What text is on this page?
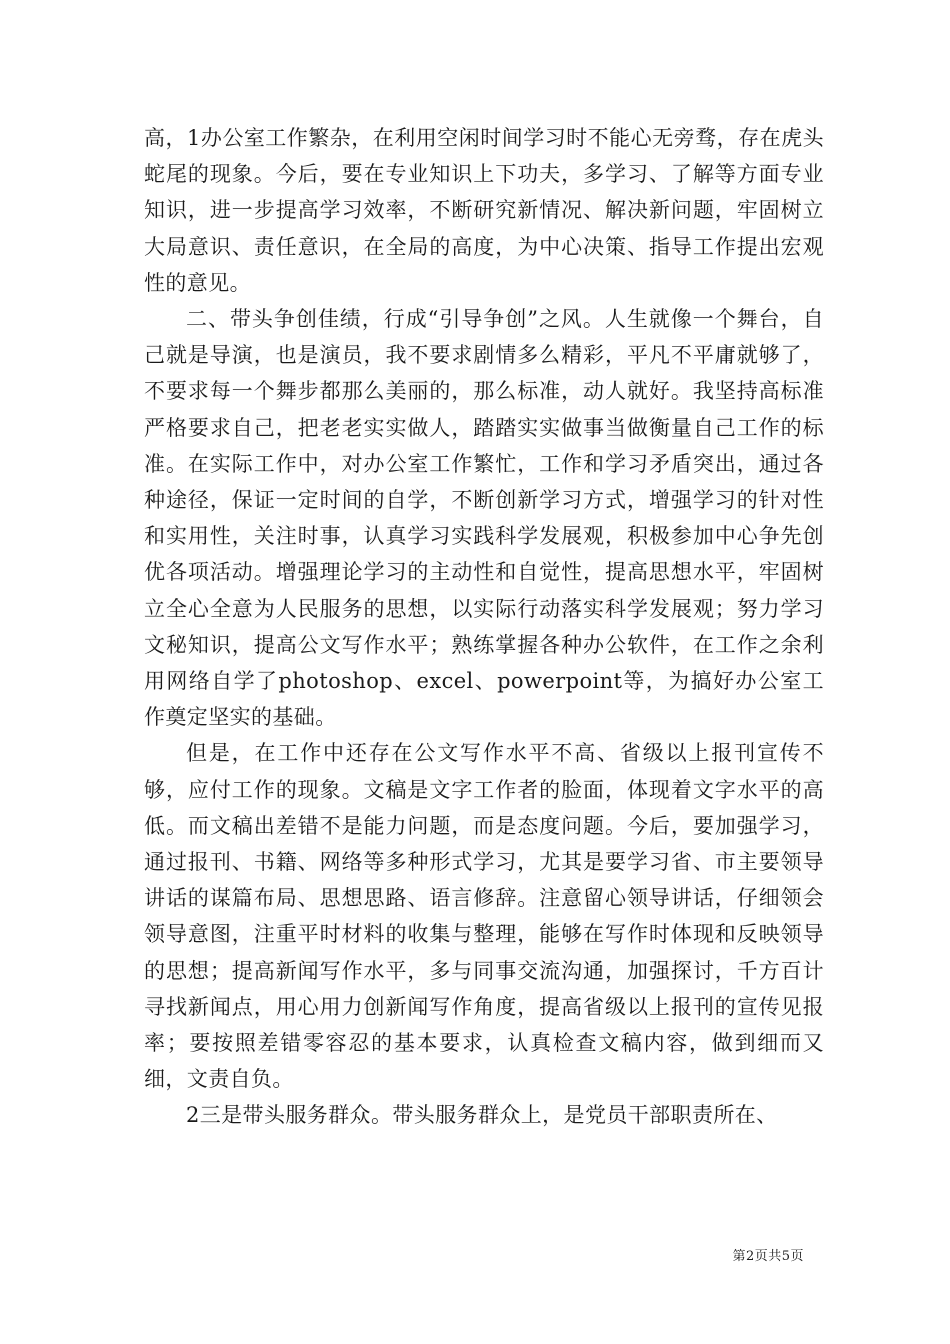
高，1办公室工作繁杂，在利用空闲时间学习时不能心无旁骛，存在虎头蛇尾的现象。今后，要在专业知识上下功夫，多学习、了解等方面专业知识，进一步提高学习效率，不断研究新情况、解决新问题，牢固树立大局意识、责任意识，在全局的高度，为中心决策、指导工作提出宏观性的意见。

二、带头争创佳绩，行成“引导争创”之风。人生就像一个舞台，自己就是导演，也是演员，我不要求剧情多么精彩，平凡不平庸就够了，不要求每一个舞步都那么美丽的，那么标准，动人就好。我坚持高标准严格要求自己，把老老实实做人，踏踏实实做事当做衡量自己工作的标准。在实际工作中，对办公室工作繁忙，工作和学习矛盾突出，通过各种途径，保证一定时间的自学，不断创新学习方式，增强学习的针对性和实用性，关注时事，认真学习实践科学发展观，积极参加中心争先创优各项活动。增强理论学习的主动性和自觉性，提高思想水平，牢固树立全心全意为人民服务的思想，以实际行动落实科学发展观；努力学习文秘知识，提高公文写作水平；熟练掌握各种办公软件，在工作之余利用网络自学了photoshop、excel、powerpoint等，为搞好办公室工作奠定坚实的基础。

但是，在工作中还存在公文写作水平不高、省级以上报刊宣传不够，应付工作的现象。文稿是文字工作者的脸面，体现着文字水平的高低。而文稿出差错不是能力问题，而是态度问题。今后，要加强学习，通过报刊、书籍、网络等多种形式学习，尤其是要学习省、市主要领导讲话的谋篇布局、思想思路、语言修辞。注意留心领导讲话，仔细领会领导意图，注重平时材料的收集与整理，能够在写作时体现和反映领导的思想；提高新闻写作水平，多与同事交流沟通，加强探讨，千方百计寻找新闻点，用心用力创新闻写作角度，提高省级以上报刊的宣传见报率；要按照差错零容忍的基本要求，认真检查文稿内容，做到细而又细，文责自负。

2三是带头服务群众。带头服务群众上，是党员干部职责所在、

第2页共5页
